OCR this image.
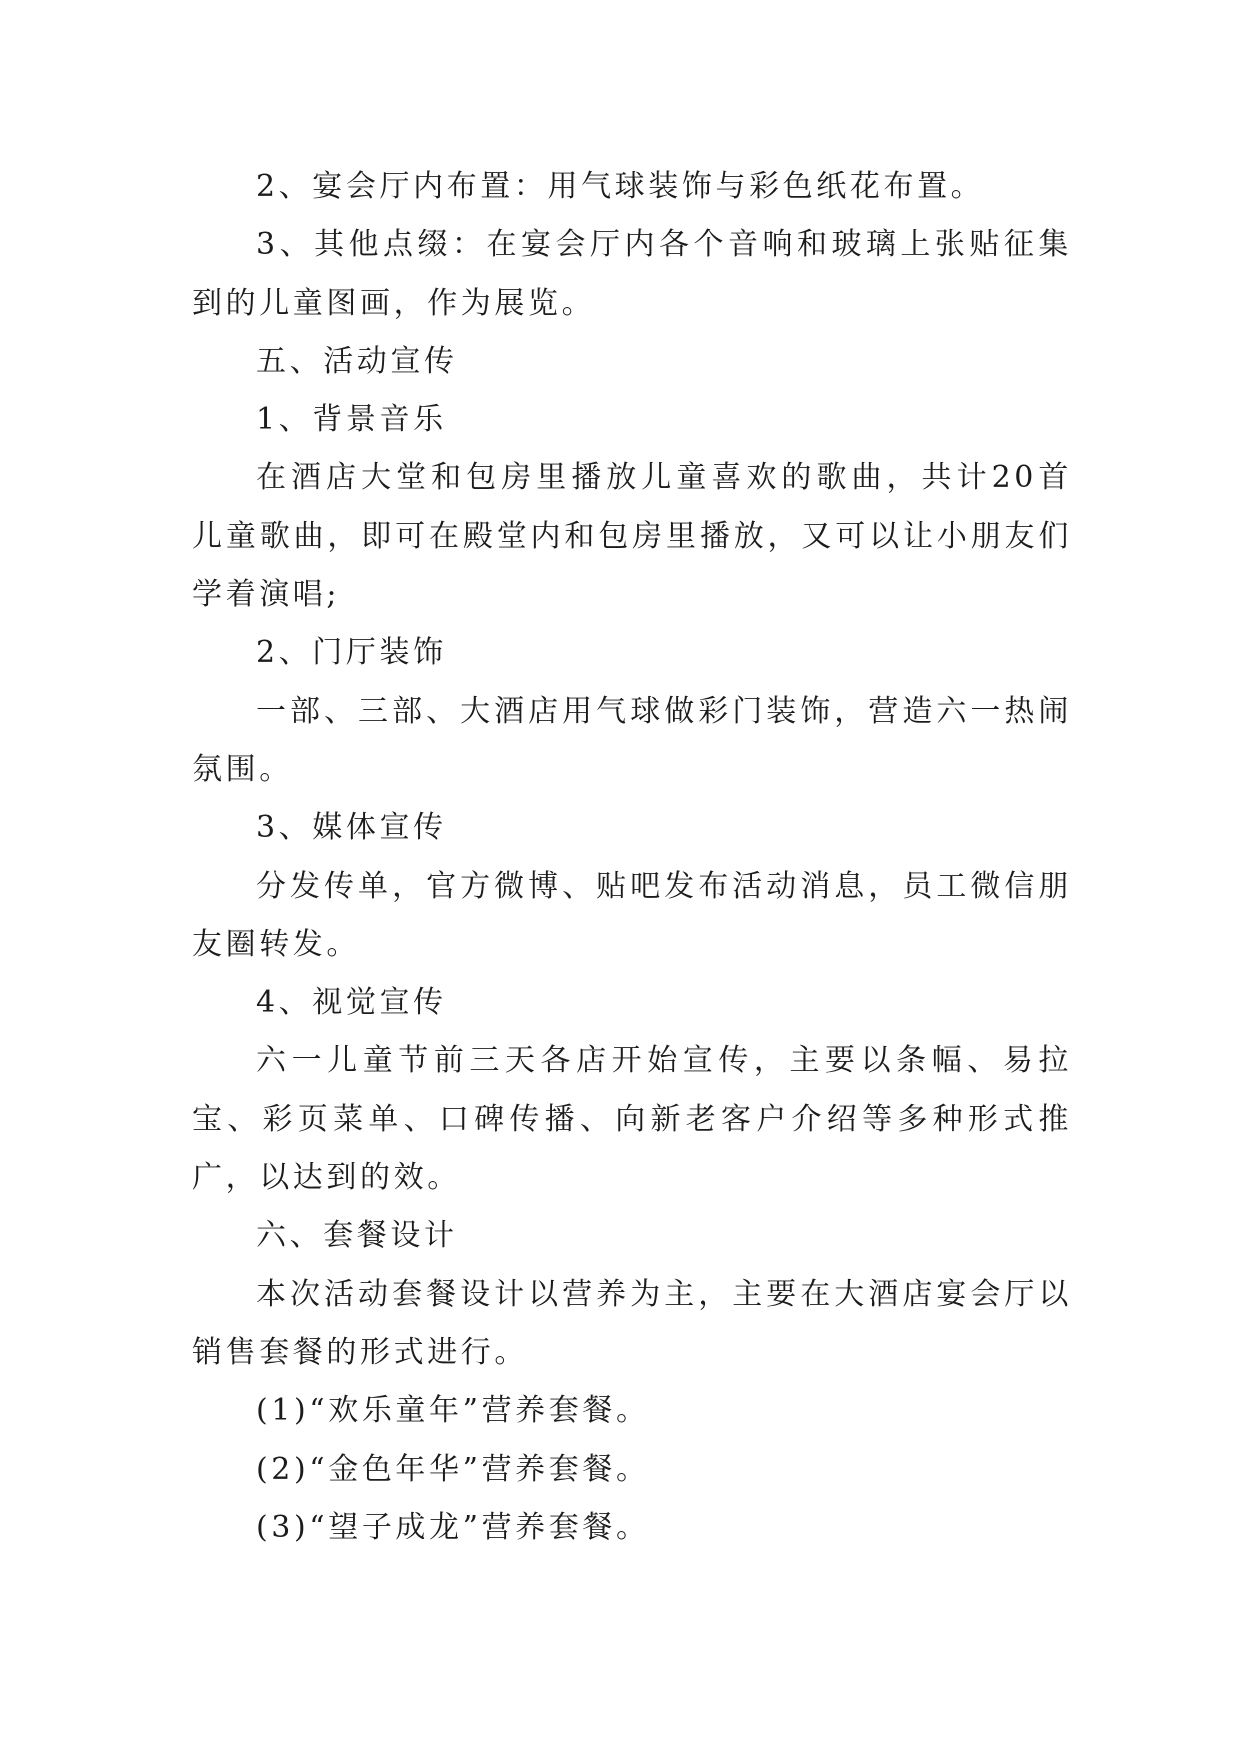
2、宴会厅内布置：用气球装饰与彩色纸花布置。

3、其他点缀：在宴会厅内各个音响和玻璃上张贴征集到的儿童图画，作为展览。

五、活动宣传

1、背景音乐

在酒店大堂和包房里播放儿童喜欢的歌曲，共计20首儿童歌曲，即可在殿堂内和包房里播放，又可以让小朋友们学着演唱;

2、门厅装饰

一部、三部、大酒店用气球做彩门装饰，营造六一热闹氛围。

3、媒体宣传

分发传单，官方微博、贴吧发布活动消息，员工微信朋友圈转发。

4、视觉宣传

六一儿童节前三天各店开始宣传，主要以条幅、易拉宝、彩页菜单、口碑传播、向新老客户介绍等多种形式推广，以达到的效。

六、套餐设计

本次活动套餐设计以营养为主，主要在大酒店宴会厅以销售套餐的形式进行。

(1)“欢乐童年”营养套餐。

(2)“金色年华”营养套餐。

(3)“望子成龙”营养套餐。
